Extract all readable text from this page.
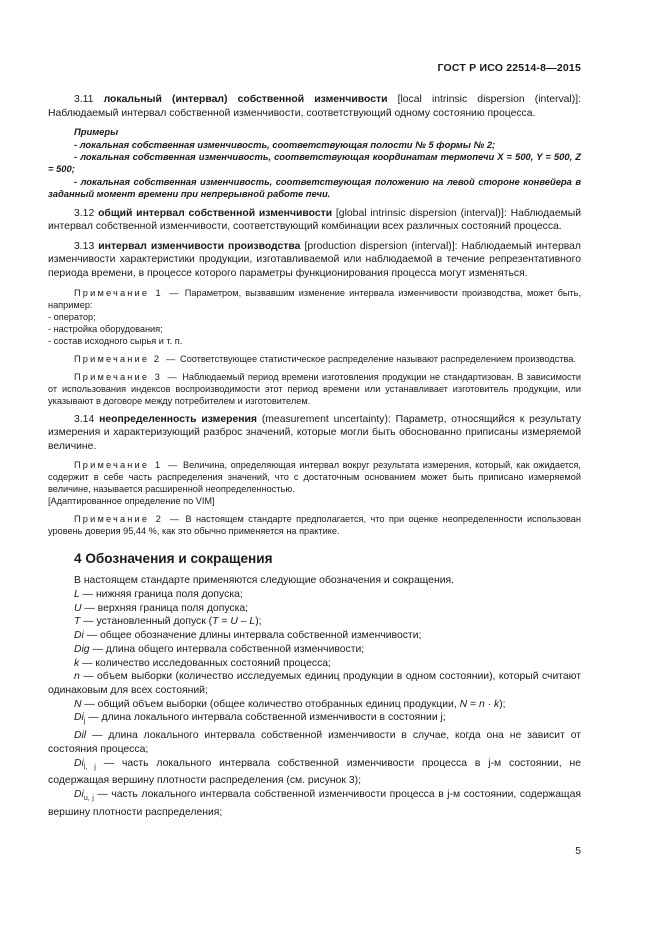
ГОСТ Р ИСО 22514-8—2015

3.11 локальный (интервал) собственной изменчивости [local intrinsic dispersion (interval)]: Наблюдаемый интервал собственной изменчивости, соответствующий одному состоянию процесса.

Примеры

- локальная собственная изменчивость, соответствующая полости № 5 формы № 2;

- локальная собственная изменчивость, соответствующая координатам термопечи X = 500, Y = 500, Z = 500;

- локальная собственная изменчивость, соответствующая положению на левой стороне конвейера в заданный момент времени при непрерывной работе печи.

3.12 общий интервал собственной изменчивости [global intrinsic dispersion (interval)]: Наблюдаемый интервал собственной изменчивости, соответствующий комбинации всех различных состояний процесса.

3.13 интервал изменчивости производства [production dispersion (interval)]: Наблюдаемый интервал изменчивости характеристики продукции, изготавливаемой или наблюдаемой в течение репрезентативного периода времени, в процессе которого параметры функционирования процесса могут изменяться.

Примечание 1 — Параметром, вызвавшим изменение интервала изменчивости производства, может быть, например:

- оператор;

- настройка оборудования;

- состав исходного сырья и т. п.

Примечание 2 — Соответствующее статистическое распределение называют распределением производства.

Примечание 3 — Наблюдаемый период времени изготовления продукции не стандартизован. В зависимости от использования индексов воспроизводимости этот период времени или устанавливает изготовитель продукции, или указывают в договоре между потребителем и изготовителем.

3.14 неопределенность измерения (measurement uncertainty): Параметр, относящийся к результату измерения и характеризующий разброс значений, которые могли быть обоснованно приписаны измеряемой величине.

Примечание 1 — Величина, определяющая интервал вокруг результата измерения, который, как ожидается, содержит в себе часть распределения значений, что с достаточным основанием может быть приписано измеряемой величине, называется расширенной неопределенностью.

[Адаптированное определение по VIM]

Примечание 2 — В настоящем стандарте предполагается, что при оценке неопределенности использован уровень доверия 95,44 %, как это обычно применяется на практике.

4 Обозначения и сокращения

В настоящем стандарте применяются следующие обозначения и сокращения.

L — нижняя граница поля допуска;

U — верхняя граница поля допуска;

T — установленный допуск (T = U – L);

Di — общее обозначение длины интервала собственной изменчивости;

Dig — длина общего интервала собственной изменчивости;

k — количество исследованных состояний процесса;

n — объем выборки (количество исследуемых единиц продукции в одном состоянии), который считают одинаковым для всех состояний;

N — общий объем выборки (общее количество отобранных единиц продукции, N = n · k);

$Di_j$ — длина локального интервала собственной изменчивости в состоянии j;

Dil — длина локального интервала собственной изменчивости в случае, когда она не зависит от состояния процесса;

$Di_{l, j}$ — часть локального интервала собственной изменчивости процесса в j-м состоянии, не содержащая вершину плотности распределения (см. рисунок 3);

$Di_{u, j}$ — часть локального интервала собственной изменчивости процесса в j-м состоянии, содержащая вершину плотности распределения;

5
